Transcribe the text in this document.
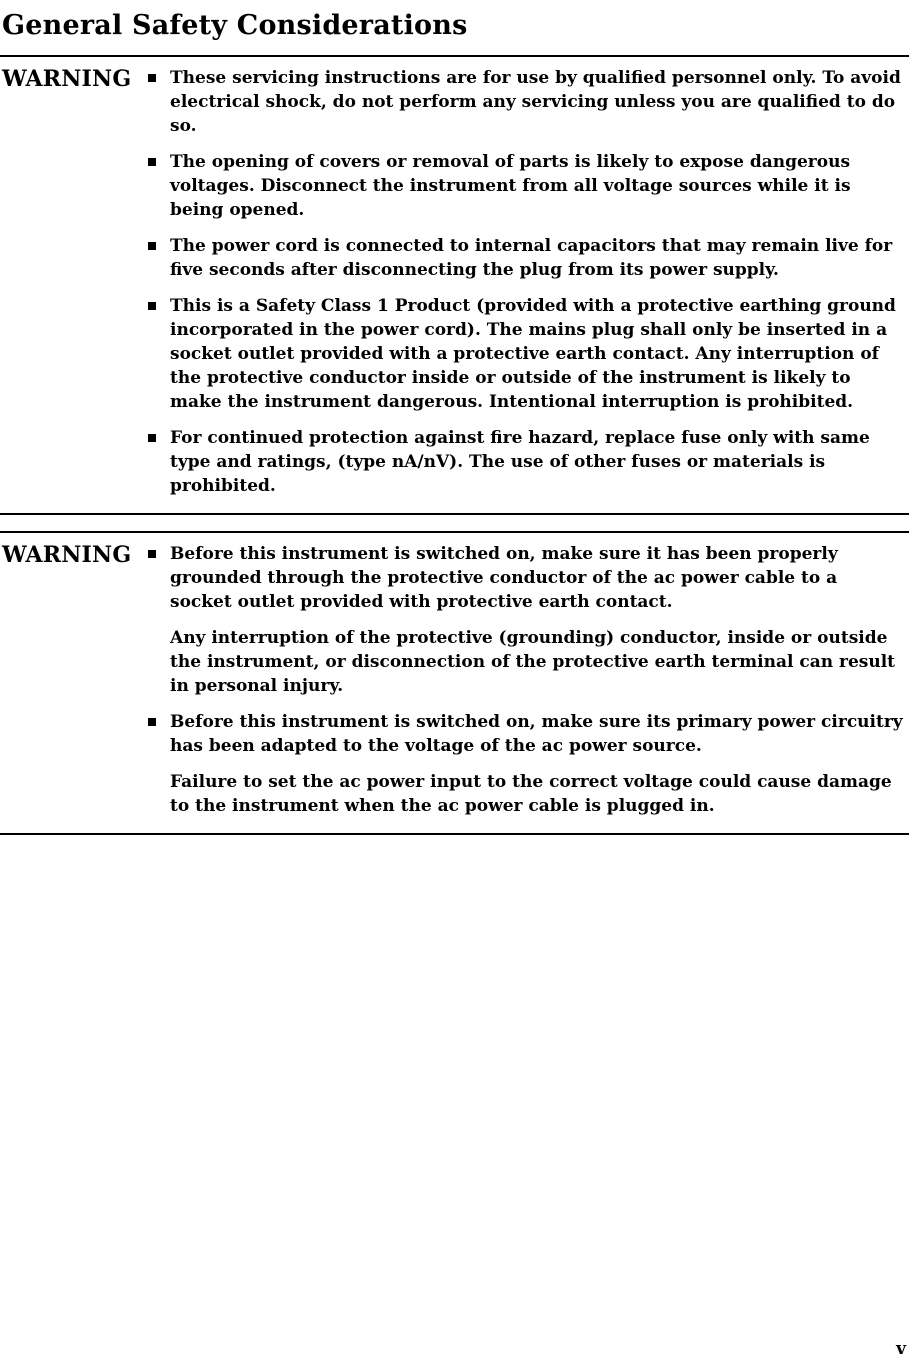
General Safety Considerations
WARNING	These servicing instructions are for use by qualified personnel only. To avoid electrical shock, do not perform any servicing unless you are qualified to do so.
The opening of covers or removal of parts is likely to expose dangerous voltages. Disconnect the instrument from all voltage sources while it is being opened.
The power cord is connected to internal capacitors that may remain live for five seconds after disconnecting the plug from its power supply.
This is a Safety Class 1 Product (provided with a protective earthing ground incorporated in the power cord). The mains plug shall only be inserted in a socket outlet provided with a protective earth contact. Any interruption of the protective conductor inside or outside of the instrument is likely to make the instrument dangerous. Intentional interruption is prohibited.
For continued protection against fire hazard, replace fuse only with same type and ratings, (type nA/nV). The use of other fuses or materials is prohibited.
WARNING	Before this instrument is switched on, make sure it has been properly grounded through the protective conductor of the ac power cable to a socket outlet provided with protective earth contact.
Any interruption of the protective (grounding) conductor, inside or outside the instrument, or disconnection of the protective earth terminal can result in personal injury.
Before this instrument is switched on, make sure its primary power circuitry has been adapted to the voltage of the ac power source.
Failure to set the ac power input to the correct voltage could cause damage to the instrument when the ac power cable is plugged in.
v
